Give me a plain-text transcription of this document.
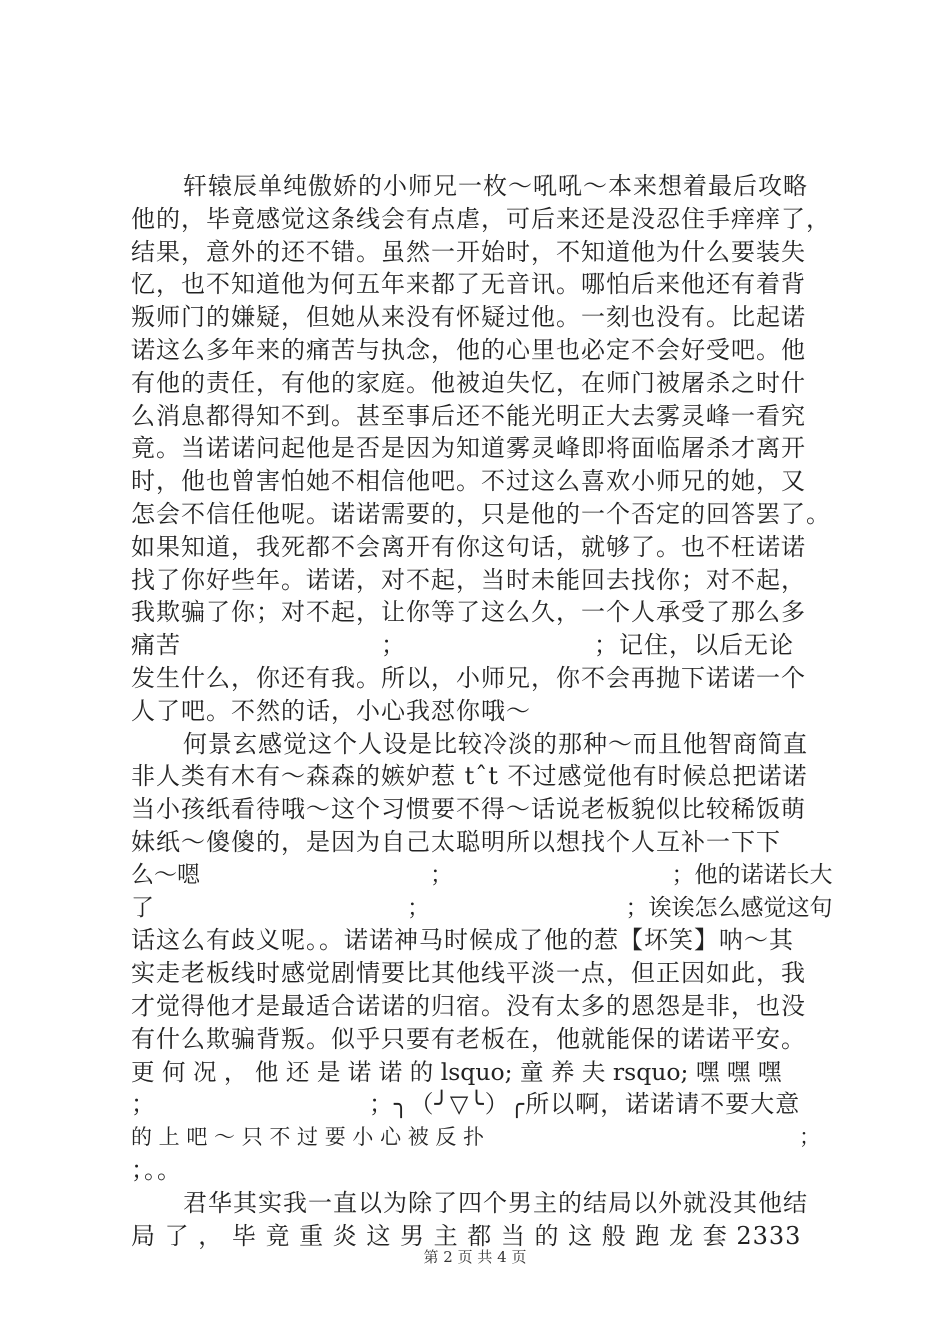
轩辕辰单纯傲娇的小师兄一枚～吼吼～本来想着最后攻略
他的，毕竟感觉这条线会有点虐，可后来还是没忍住手痒痒了，
结果，意外的还不错。虽然一开始时，不知道他为什么要装失
忆，也不知道他为何五年来都了无音讯。哪怕后来他还有着背
叛师门的嫌疑，但她从来没有怀疑过他。一刻也没有。比起诺
诺这么多年来的痛苦与执念，他的心里也必定不会好受吧。他
有他的责任，有他的家庭。他被迫失忆，在师门被屠杀之时什
么消息都得知不到。甚至事后还不能光明正大去雾灵峰一看究
竟。当诺诺问起他是否是因为知道雾灵峰即将面临屠杀才离开
时，他也曾害怕她不相信他吧。不过这么喜欢小师兄的她，又
怎会不信任他呢。诺诺需要的，只是他的一个否定的回答罢了。
如果知道，我死都不会离开有你这句话，就够了。也不枉诺诺
找了你好些年。诺诺，对不起，当时未能回去找你；对不起，
我欺骗了你；对不起，让你等了这么久，一个人承受了那么多
痛苦　　　　　　　　；　　　　　　　　；记住，以后无论
发生什么，你还有我。所以，小师兄，你不会再抛下诺诺一个
人了吧。不然的话，小心我怼你哦～
何景玄感觉这个人设是比较冷淡的那种～而且他智商简直
非人类有木有～森森的嫉妒惹 tˆt 不过感觉他有时候总把诺诺
当小孩纸看待哦～这个习惯要不得～话说老板貌似比较稀饭萌
妹纸～傻傻的，是因为自己太聪明所以想找个人互补一下下
么～嗯　　　　　　　　　　；　　　　　　　　　　；他的诺诺长大
了　　　　　　　　　　　；　　　　　　　　　；诶诶怎么感觉这句
话这么有歧义呢。。诺诺神马时候成了他的惹【坏笑】呐～其
实走老板线时感觉剧情要比其他线平淡一点，但正因如此，我
才觉得他才是最适合诺诺的归宿。没有太多的恩怨是非，也没
有什么欺骗背叛。似乎只要有老板在，他就能保的诺诺平安。
更 何 况 ， 他 还 是 诺 诺 的 lsquo; 童 养 夫 rsquo; 嘿 嘿 嘿
；　　　　　　　　　；╮（╯▽╰）╭所以啊，诺诺请不要大意
的 上 吧 ～ 只 不 过 要 小 心 被 反 扑　　　　　　　　　　　　　　　；
；。。
君华其实我一直以为除了四个男主的结局以外就没其他结
局 了 ， 毕 竟 重 炎 这 男 主 都 当 的 这 般 跑 龙 套 2333
第 2 页 共 4 页
